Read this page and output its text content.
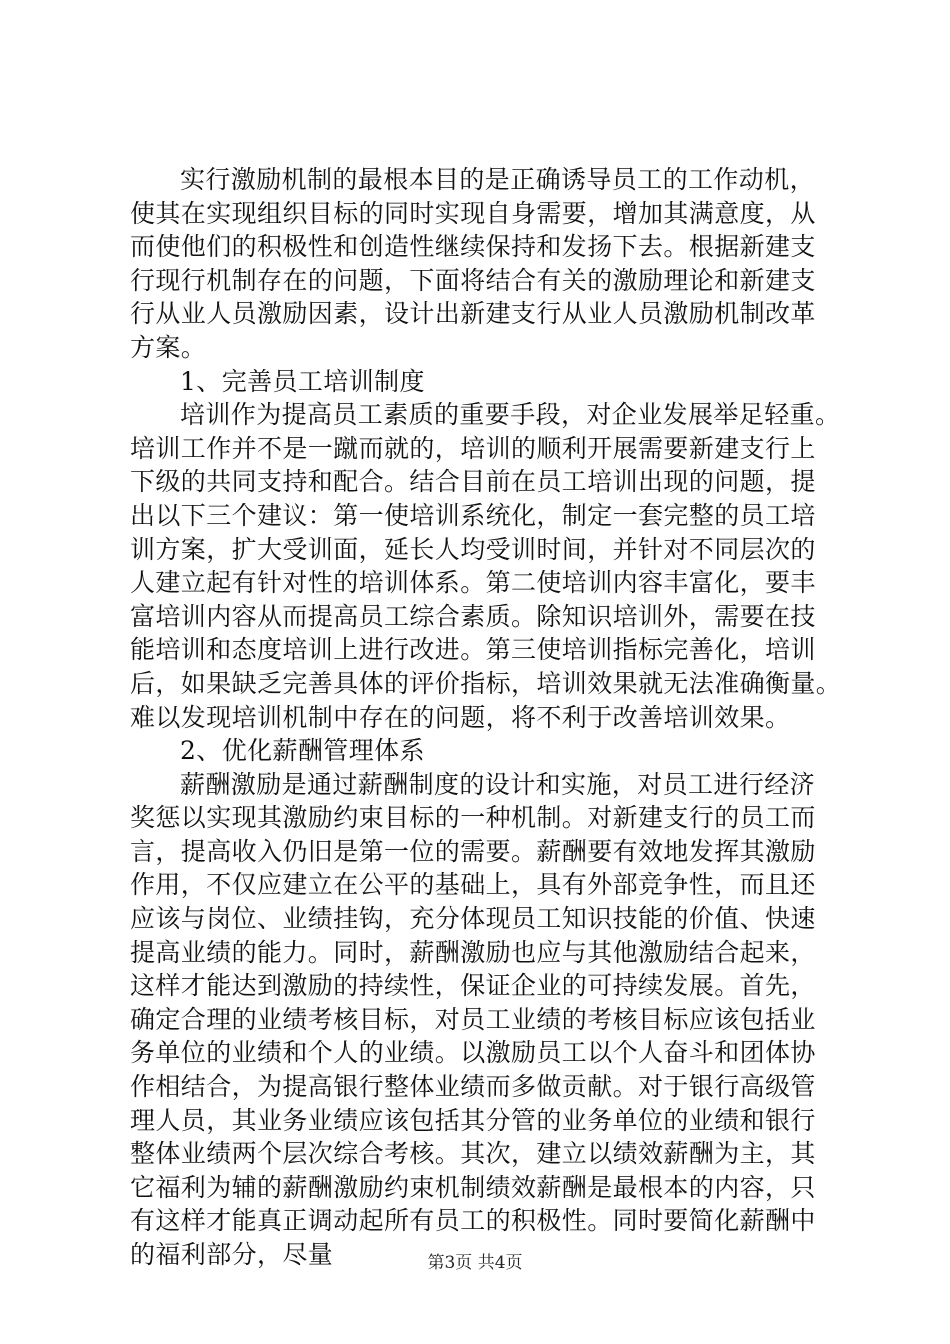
实行激励机制的最根本目的是正确诱导员工的工作动机，
使其在实现组织目标的同时实现自身需要，增加其满意度，从
而使他们的积极性和创造性继续保持和发扬下去。根据新建支
行现行机制存在的问题，下面将结合有关的激励理论和新建支
行从业人员激励因素，设计出新建支行从业人员激励机制改革
方案。
1、完善员工培训制度
培训作为提高员工素质的重要手段，对企业发展举足轻重。
培训工作并不是一蹴而就的，培训的顺利开展需要新建支行上
下级的共同支持和配合。结合目前在员工培训出现的问题，提
出以下三个建议：第一使培训系统化，制定一套完整的员工培
训方案，扩大受训面，延长人均受训时间，并针对不同层次的
人建立起有针对性的培训体系。第二使培训内容丰富化，要丰
富培训内容从而提高员工综合素质。除知识培训外，需要在技
能培训和态度培训上进行改进。第三使培训指标完善化，培训
后，如果缺乏完善具体的评价指标，培训效果就无法准确衡量。
难以发现培训机制中存在的问题，将不利于改善培训效果。
2、优化薪酬管理体系
薪酬激励是通过薪酬制度的设计和实施，对员工进行经济
奖惩以实现其激励约束目标的一种机制。对新建支行的员工而
言，提高收入仍旧是第一位的需要。薪酬要有效地发挥其激励
作用，不仅应建立在公平的基础上，具有外部竞争性，而且还
应该与岗位、业绩挂钩，充分体现员工知识技能的价值、快速
提高业绩的能力。同时，薪酬激励也应与其他激励结合起来，
这样才能达到激励的持续性，保证企业的可持续发展。首先，
确定合理的业绩考核目标，对员工业绩的考核目标应该包括业
务单位的业绩和个人的业绩。以激励员工以个人奋斗和团体协
作相结合，为提高银行整体业绩而多做贡献。对于银行高级管
理人员，其业务业绩应该包括其分管的业务单位的业绩和银行
整体业绩两个层次综合考核。其次，建立以绩效薪酬为主，其
它福利为辅的薪酬激励约束机制绩效薪酬是最根本的内容，只
有这样才能真正调动起所有员工的积极性。同时要简化薪酬中
的福利部分，尽量	第3页 共4页
